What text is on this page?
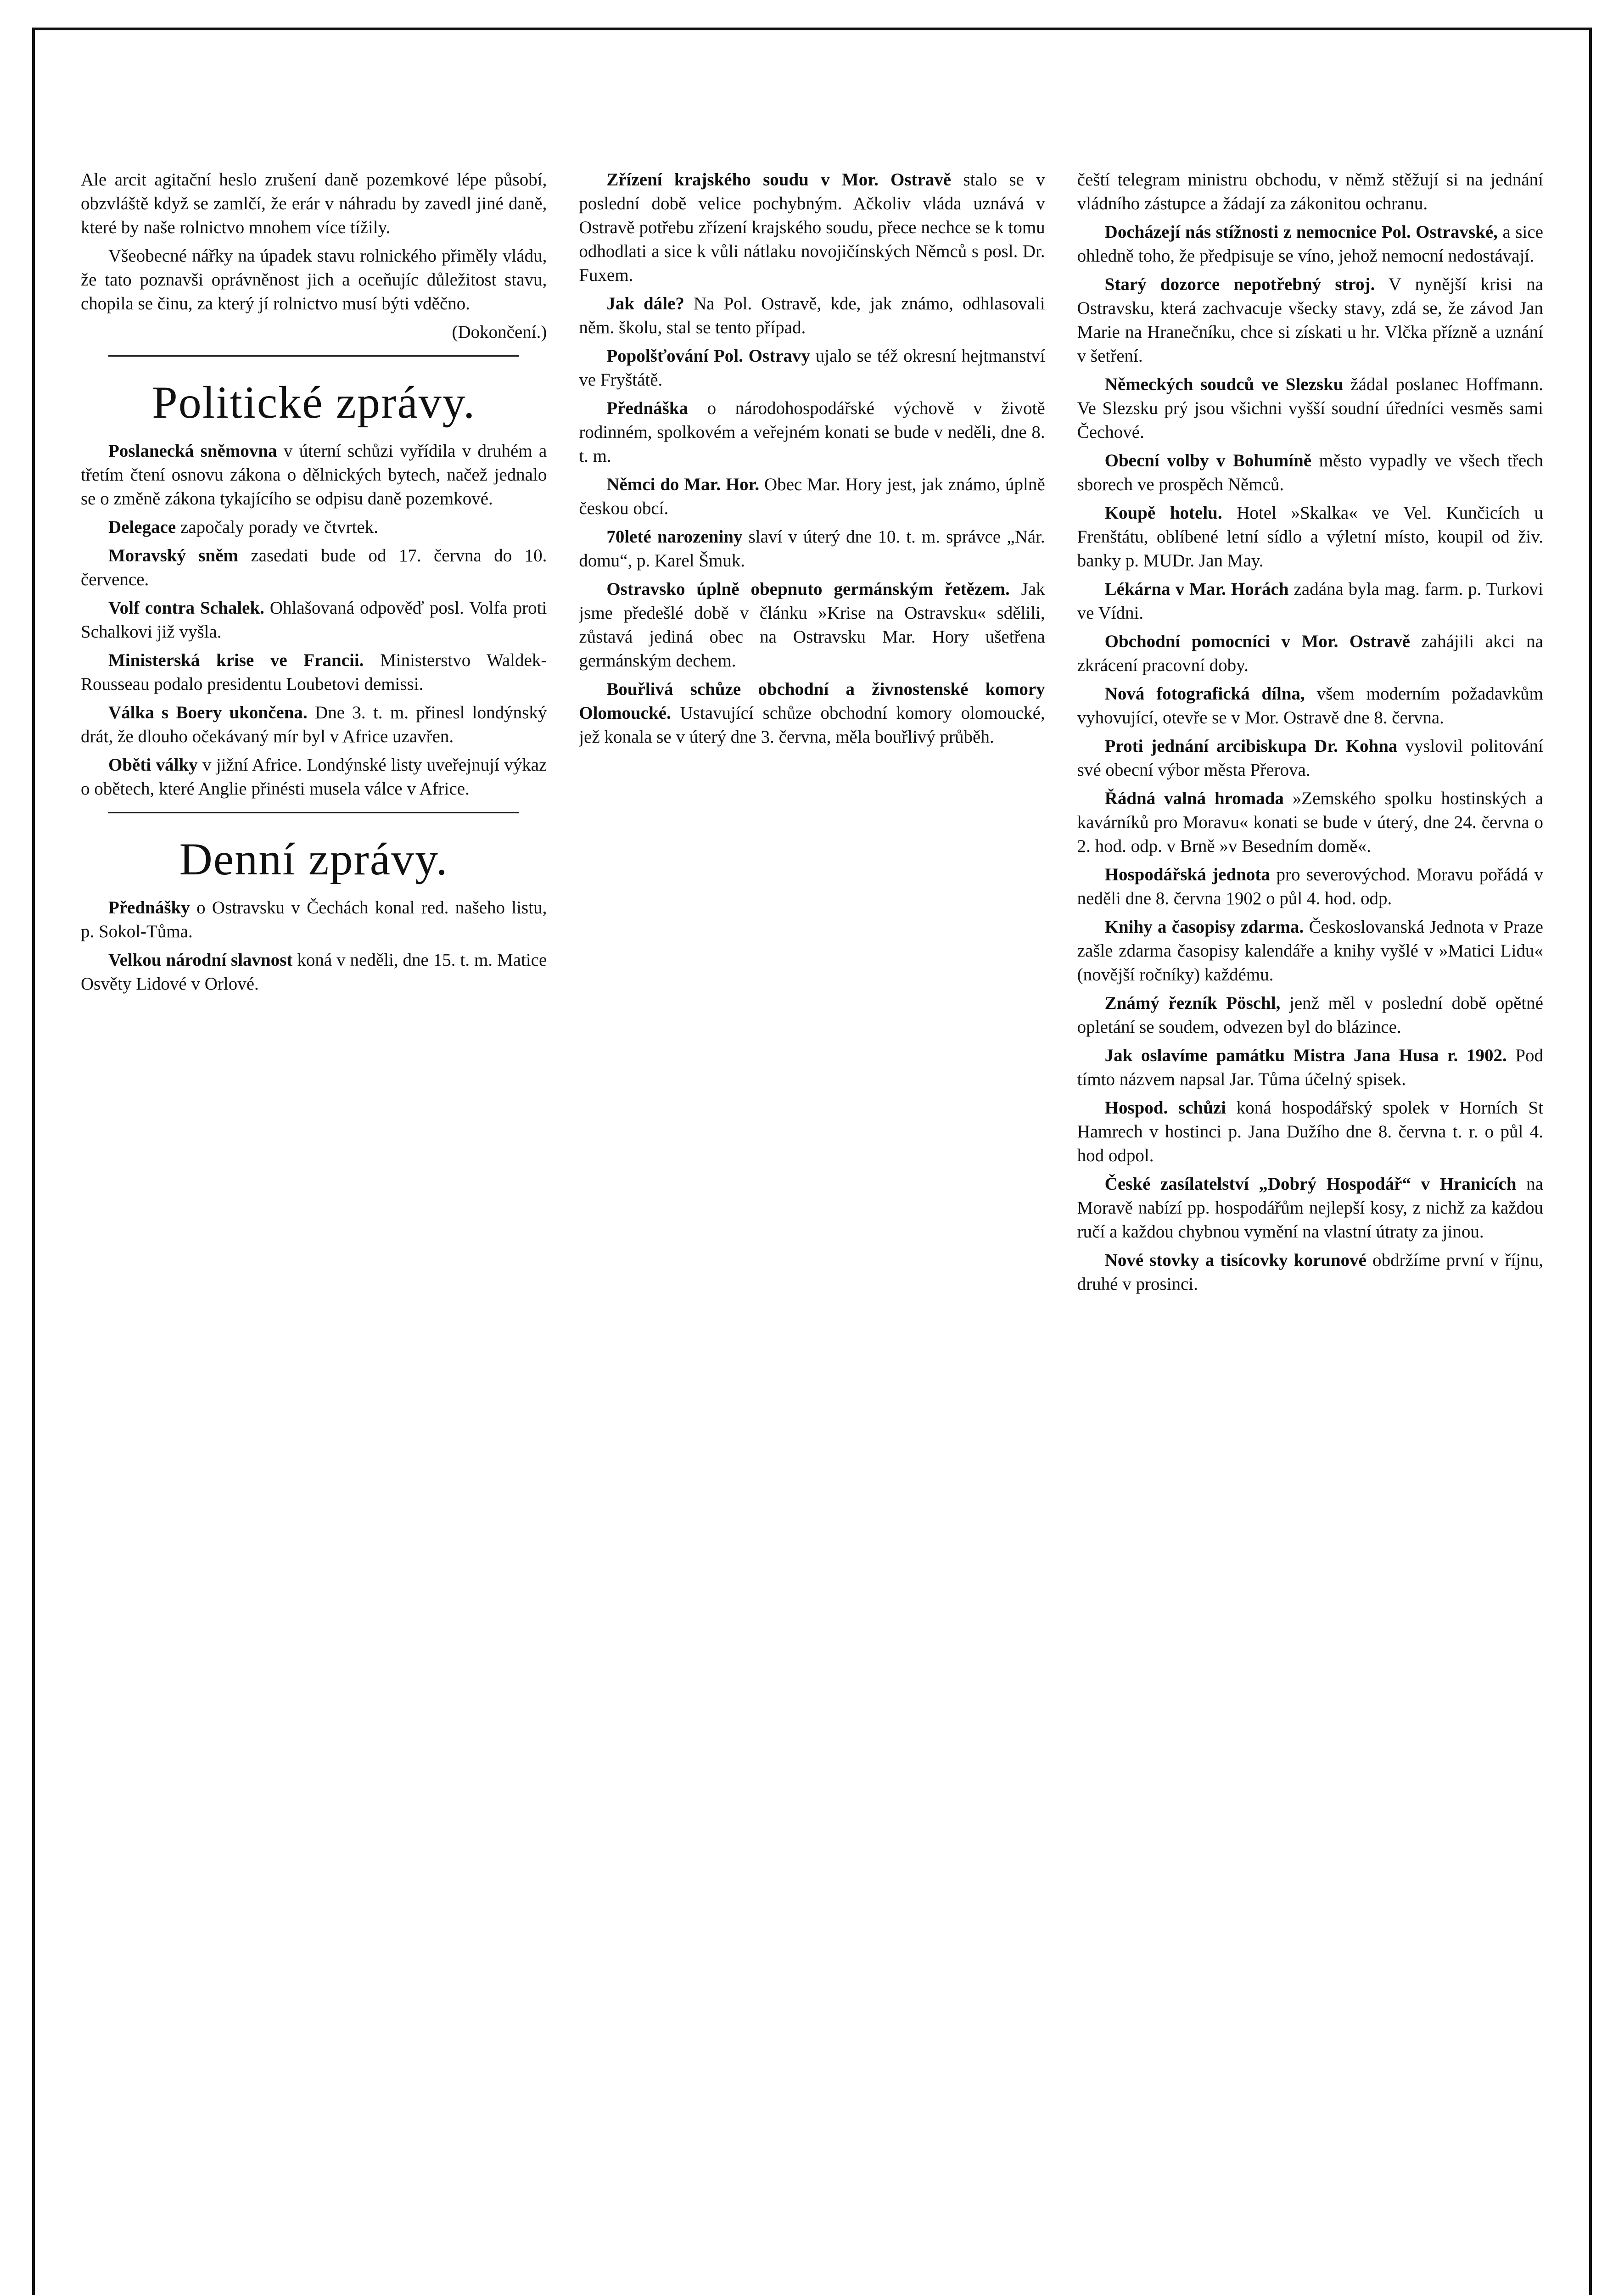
Ale arcit agitační heslo zrušení daně pozemkové lépe působí, obzvláště když se zamlčí, že erár v náhradu by zavedl jiné daně, které by naše rolnictvo mnohem více tížily.

Všeobecné nářky na úpadek stavu rolnického přiměly vládu, že tato poznavši oprávněnost jich a oceňujíc důležitost stavu, chopila se činu, za který jí rolnictvo musí býti vděčno.

(Dokončení.)

Politické zprávy.

Poslanecká sněmovna v úterní schůzi vyřídila v druhém a třetím čtení osnovu zákona o dělnických bytech, načež jednalo se o změně zákona tykajícího se odpisu daně pozemkové.

Delegace započaly porady ve čtvrtek.

Moravský sněm zasedati bude od 17. června do 10. července.

Volf contra Schalek. Ohlašovaná odpověď posl. Volfa proti Schalkovi již vyšla.

Ministerská krise ve Francii. Ministerstvo Waldek-Rousseau podalo presidentu Loubetovi demissi.

Válka s Boery ukončena. Dne 3. t. m. přinesl londýnský drát, že dlouho očekávaný mír byl v Africe uzavřen.

Oběti války v jižní Africe. Londýnské listy uveřejnují výkaz o obětech, které Anglie přinésti musela válce v Africe.

Denní zprávy.

Přednášky o Ostravsku v Čechách konal red. našeho listu, p. Sokol-Tůma.

Velkou národní slavnost koná v neděli, dne 15. t. m. Matice Osvěty Lidové v Orlové.

Zřízení krajského soudu v Mor. Ostravě stalo se v poslední době velice pochybným. Ačkoliv vláda uznává v Ostravě potřebu zřízení krajského soudu, přece nechce se k tomu odhodlati a sice k vůli nátlaku novojičínských Němců s posl. Dr. Fuxem.

Jak dále? Na Pol. Ostravě, kde, jak známo, odhlasovali něm. školu, stal se tento případ.

Popolšťování Pol. Ostravy ujalo se též okresní hejtmanství ve Fryštátě.

Přednáška o národohospodářské výchově v životě rodinném, spolkovém a veřejném konati se bude v neděli, dne 8. t. m.

Němci do Mar. Hor. Obec Mar. Hory jest, jak známo, úplně českou obcí.

70leté narozeniny slaví v úterý dne 10. t. m. správce „Nár. domu“, p. Karel Šmuk.

Ostravsko úplně obepnuto germánským řetězem. Jak jsme předešlé době v článku »Krise na Ostravsku« sdělili, zůstavá jediná obec na Ostravsku Mar. Hory ušetřena germánským dechem.

Bouřlivá schůze obchodní a živnostenské komory Olomoucké. Ustavující schůze obchodní komory olomoucké, jež konala se v úterý dne 3. června, měla bouřlivý průběh.

čeští telegram ministru obchodu, v němž stěžují si na jednání vládního zástupce a žádají za zákonitou ochranu.

Docházejí nás stížnosti z nemocnice Pol. Ostravské, a sice ohledně toho, že předpisuje se víno, jehož nemocní nedostávají.

Starý dozorce nepotřebný stroj. V nynější krisi na Ostravsku, která zachvacuje všecky stavy, zdá se, že závod Jan Marie na Hranečníku, chce si získati u hr. Vlčka přízně a uznání v šetření.

Německých soudců ve Slezsku žádal poslanec Hoffmann. Ve Slezsku prý jsou všichni vyšší soudní úředníci vesměs sami Čechové.

Obecní volby v Bohumíně město vypadly ve všech třech sborech ve prospěch Němců.

Koupě hotelu. Hotel »Skalka« ve Vel. Kunčicích u Frenštátu, oblíbené letní sídlo a výletní místo, koupil od živ. banky p. MUDr. Jan May.

Lékárna v Mar. Horách zadána byla mag. farm. p. Turkovi ve Vídni.

Obchodní pomocníci v Mor. Ostravě zahájili akci na zkrácení pracovní doby.

Nová fotografická dílna, všem moderním požadavkům vyhovující, otevře se v Mor. Ostravě dne 8. června.

Proti jednání arcibiskupa Dr. Kohna vyslovil politování své obecní výbor města Přerova.

Řádná valná hromada »Zemského spolku hostinských a kavárníků pro Moravu« konati se bude v úterý, dne 24. června o 2. hod. odp. v Brně »v Besedním domě«.

Hospodářská jednota pro severovýchod. Moravu pořádá v neděli dne 8. června 1902 o půl 4. hod. odp.

Knihy a časopisy zdarma. Českoslovanská Jednota v Praze zašle zdarma časopisy kalendáře a knihy vyšlé v »Matici Lidu« (novější ročníky) každému.

Známý řezník Pöschl, jenž měl v poslední době opětné opletání se soudem, odvezen byl do blázince.

Jak oslavíme památku Mistra Jana Husa r. 1902. Pod tímto názvem napsal Jar. Tůma účelný spisek.

Hospod. schůzi koná hospodářský spolek v Horních St Hamrech v hostinci p. Jana Dužího dne 8. června t. r. o půl 4. hod odpol.

České zasílatelství „Dobrý Hospodář“ v Hranicích na Moravě nabízí pp. hospodářům nejlepší kosy, z nichž za každou ručí a každou chybnou vymění na vlastní útraty za jinou.

Nové stovky a tisícovky korunové obdržíme první v říjnu, druhé v prosinci.
